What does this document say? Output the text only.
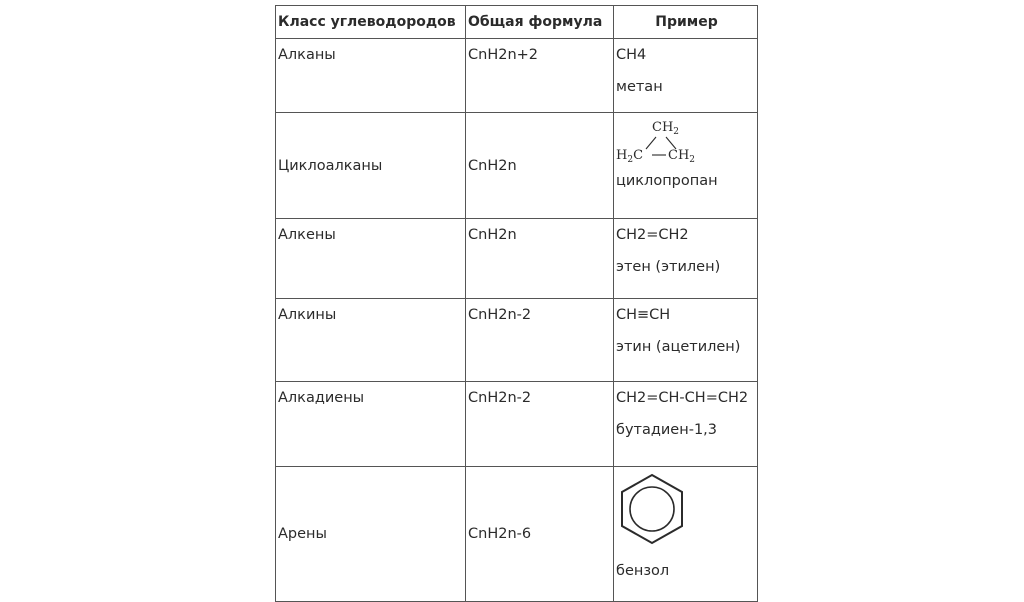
Класс углеводородов	Общая формула	Пример
Алканы	CnH2n+2	CH4
метан

Циклоалканы	CnH2n	$CH_2$
$H_2C$ $CH_2$
циклопропан

Алкены	CnH2n	CH2=CH2
этен (этилен)

Алкины	CnH2n-2	CH≡CH
этин (ацетилен)

Алкадиены	CnH2n-2	CH2=CH-CH=CH2
бутадиен-1,3

Арены	CnH2n-6	бензол
